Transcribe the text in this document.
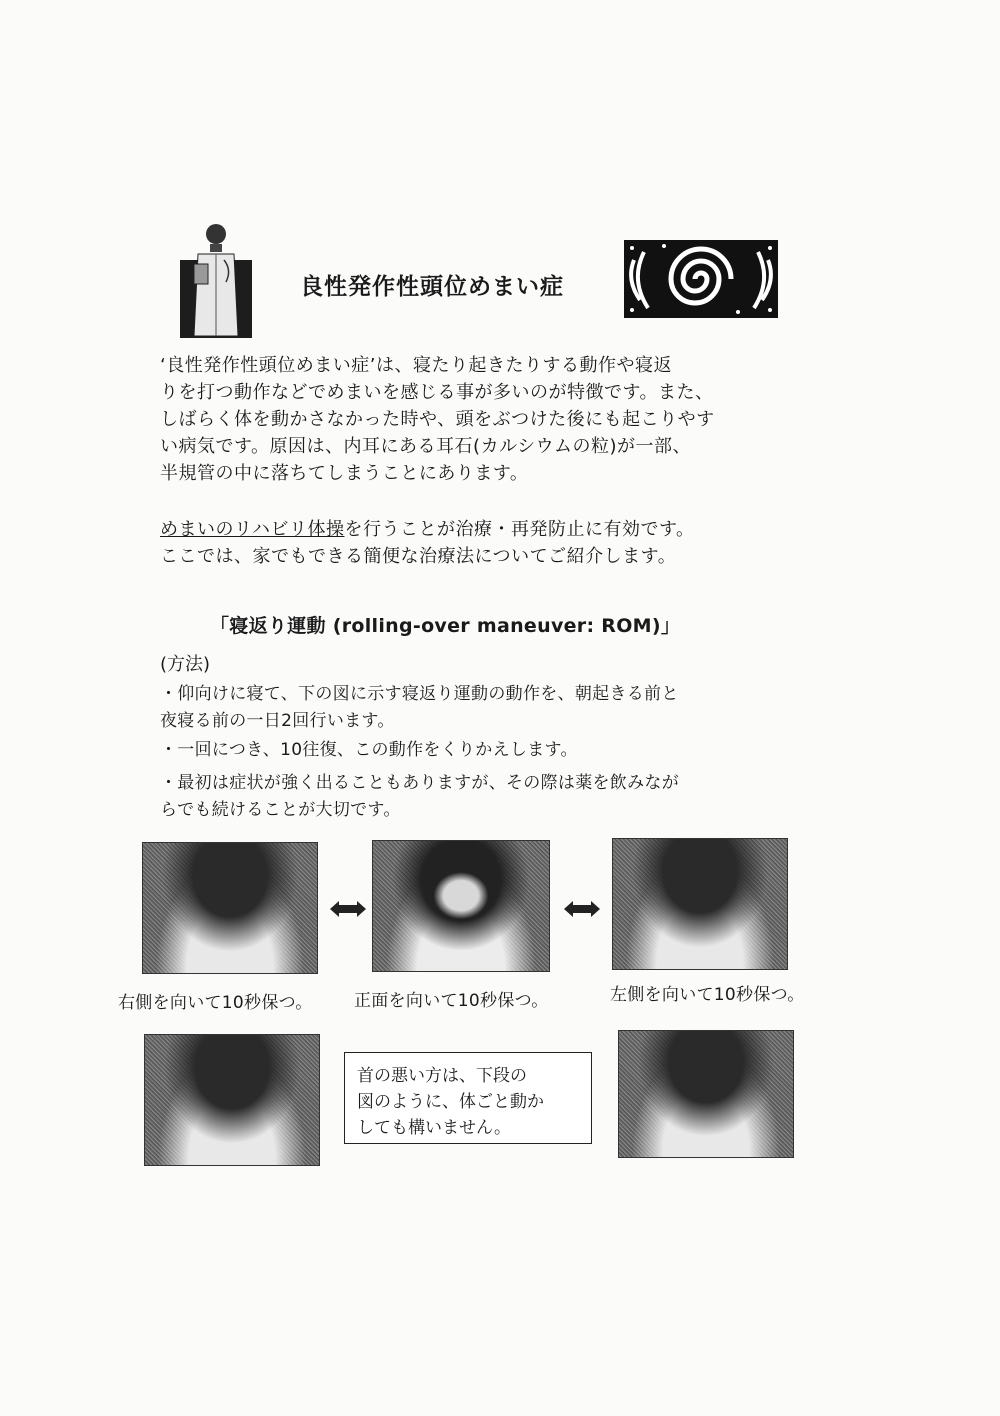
良性発作性頭位めまい症
‘良性発作性頭位めまい症’は、寝たり起きたりする動作や寝返
りを打つ動作などでめまいを感じる事が多いのが特徴です。また、
しばらく体を動かさなかった時や、頭をぶつけた後にも起こりやす
い病気です。原因は、内耳にある耳石(カルシウムの粒)が一部、
半規管の中に落ちてしまうことにあります。
めまいのリハビリ体操を行うことが治療・再発防止に有効です。
ここでは、家でもできる簡便な治療法についてご紹介します。
「寝返り運動 (rolling-over maneuver: ROM)」
(方法)
・仰向けに寝て、下の図に示す寝返り運動の動作を、朝起きる前と
夜寝る前の一日2回行います。
・一回につき、10往復、この動作をくりかえします。
・最初は症状が強く出ることもありますが、その際は薬を飲みなが
らでも続けることが大切です。
右側を向いて10秒保つ。 正面を向いて10秒保つ。	左側を向いて10秒保つ。
首の悪い方は、下段の
図のように、体ごと動か
しても構いません。
